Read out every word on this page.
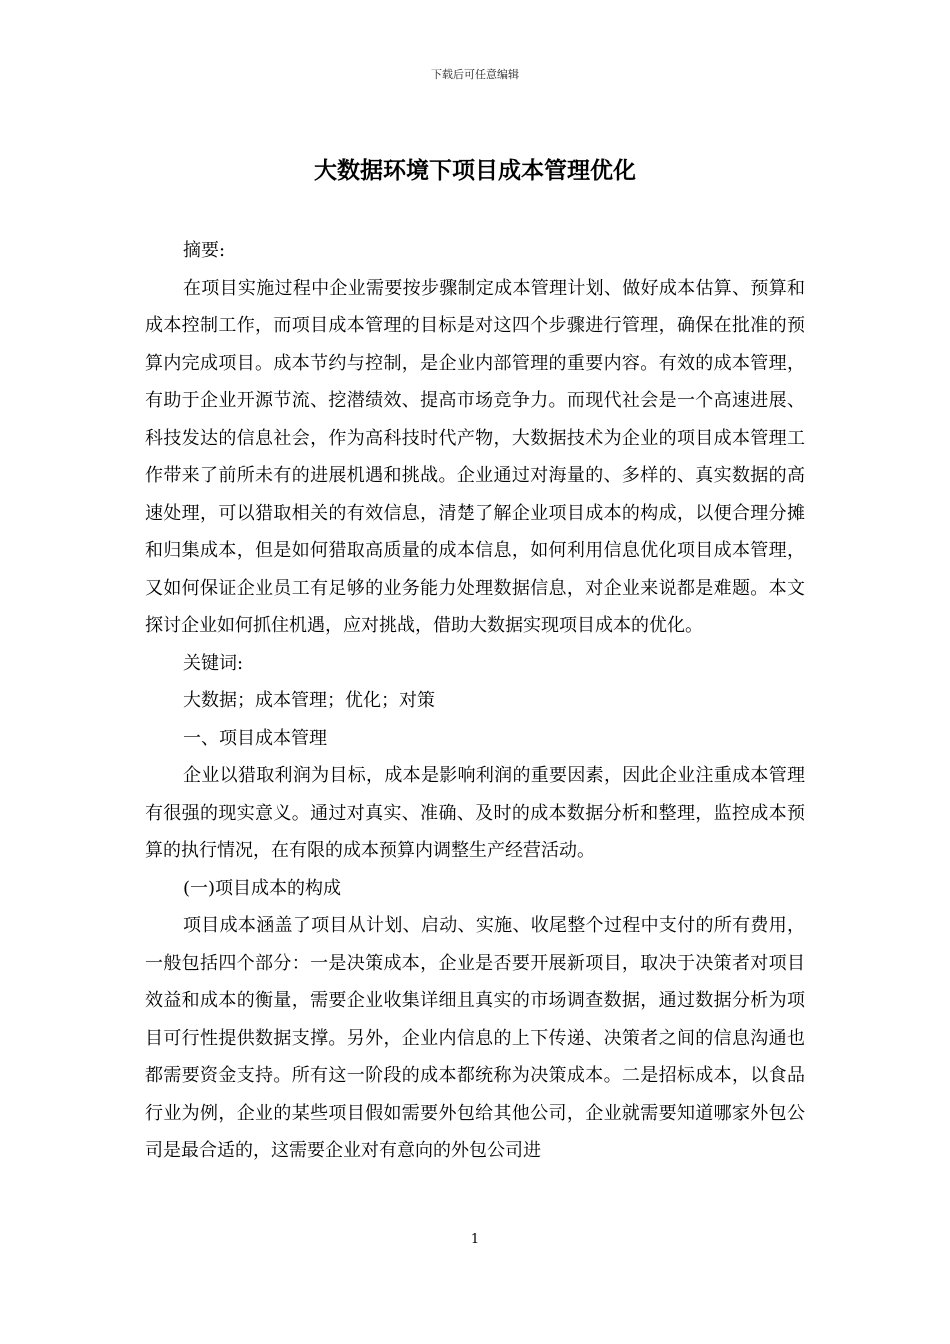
下载后可任意编辑
大数据环境下项目成本管理优化

摘要:

在项目实施过程中企业需要按步骤制定成本管理计划、做好成本估算、预算和成本控制工作，而项目成本管理的目标是对这四个步骤进行管理，确保在批准的预算内完成项目。成本节约与控制，是企业内部管理的重要内容。有效的成本管理，有助于企业开源节流、挖潜绩效、提高市场竞争力。而现代社会是一个高速进展、科技发达的信息社会，作为高科技时代产物，大数据技术为企业的项目成本管理工作带来了前所未有的进展机遇和挑战。企业通过对海量的、多样的、真实数据的高速处理，可以猎取相关的有效信息，清楚了解企业项目成本的构成，以便合理分摊和归集成本，但是如何猎取高质量的成本信息，如何利用信息优化项目成本管理，又如何保证企业员工有足够的业务能力处理数据信息，对企业来说都是难题。本文探讨企业如何抓住机遇，应对挑战，借助大数据实现项目成本的优化。

关键词:

大数据；成本管理；优化；对策

一、项目成本管理

企业以猎取利润为目标，成本是影响利润的重要因素，因此企业注重成本管理有很强的现实意义。通过对真实、准确、及时的成本数据分析和整理，监控成本预算的执行情况，在有限的成本预算内调整生产经营活动。

(一)项目成本的构成

项目成本涵盖了项目从计划、启动、实施、收尾整个过程中支付的所有费用，一般包括四个部分：一是决策成本，企业是否要开展新项目，取决于决策者对项目效益和成本的衡量，需要企业收集详细且真实的市场调查数据，通过数据分析为项目可行性提供数据支撑。另外，企业内信息的上下传递、决策者之间的信息沟通也都需要资金支持。所有这一阶段的成本都统称为决策成本。二是招标成本，以食品行业为例，企业的某些项目假如需要外包给其他公司，企业就需要知道哪家外包公司是最合适的，这需要企业对有意向的外包公司进

1
